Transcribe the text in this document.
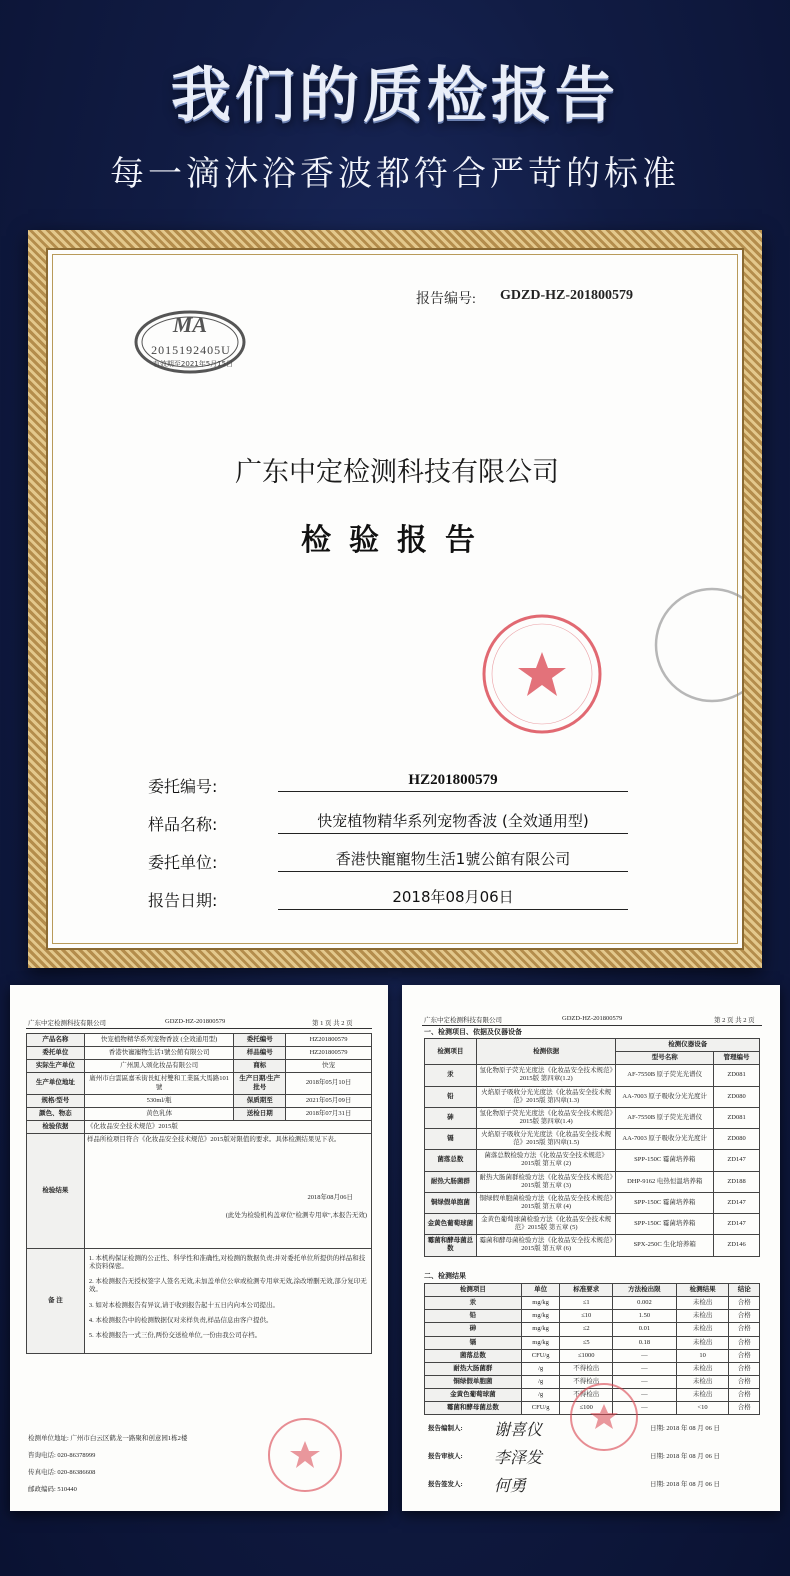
我们的质检报告
每一滴沐浴香波都符合严苛的标准
报告编号: GDZD-HZ-201800579
MA
2015192405U
有效期至2021年5月15日
广东中定检测科技有限公司
检验报告
委托编号:	HZ201800579
样品名称:	快宠植物精华系列宠物香波 (全效通用型)
委托单位:	香港快寵寵物生活1號公館有限公司
报告日期:	2018年08月06日
广东中定检测科技有限公司	GDZD-HZ-201800579	第 1 页 共 2 页
产品名称	快宠植物精华系列宠物香波 (全效通用型)	委托编号	HZ201800579
委托单位	香港快寵寵物生活1號公館有限公司	样品编号	HZ201800579
实际生产单位	广州黑人颂化妆品有限公司	商标	快宠
生产单位地址	廣州市白雲區嘉禾街長虹村雙和工業區大馬路101號	生产日期/生产批号	2018年05月10日
规格/型号	530ml/瓶	保质期至	2021年05月09日
颜色、物态	黄色乳体	送检日期	2018年07月31日
检验依据	《化妆品安全技术规范》2015版		
检验结果	样品所检项目符合《化妆品安全技术规范》2015版对限值的要求。具体检测结果见下表。
2018年08月06日
(此处为检验机构盖章位"检测专用章",本报告无效)		

备 注	1. 本机构保证检测的公正性、科学性和准确性,对检测的数据负责;并对委托单位所提供的样品和技术资料保密。

2. 本检测报告无授权签字人签名无效,未加盖单位公章或检测专用章无效,涂改增删无效,部分复印无效。

3. 如对本检测报告有异议,请于收到报告起十五日内向本公司提出。

4. 本检测报告中的检测数据仅对来样负责,样品信息由客户提供。

5. 本检测报告一式三份,两份交送检单位,一份由我公司存档。		

检测单位地址: 广州市白云区鹤龙一路聚和创意园1栋2楼
咨询电话: 020-86378999
传真电话: 020-86386608
邮政编码: 510440
广东中定检测科技有限公司	GDZD-HZ-201800579	第 2 页 共 2 页
一、检测项目、依据及仪器设备
检测项目	检测依据	检测仪器设备	
		型号名称	管理编号
汞	氢化物原子荧光光度法《化妆品安全技术规范》2015版 第四章(1.2)	AF-7550B 原子荧光光谱仪	ZD081
铅	火焰原子吸收分光光度法《化妆品安全技术规范》2015版 第四章(1.3)	AA-7003 原子吸收分光光度计	ZD080
砷	氢化物原子荧光光度法《化妆品安全技术规范》2015版 第四章(1.4)	AF-7550B 原子荧光光谱仪	ZD081
镉	火焰原子吸收分光光度法《化妆品安全技术规范》2015版 第四章(1.5)	AA-7003 原子吸收分光光度计	ZD080
菌落总数	菌落总数检验方法《化妆品安全技术规范》2015版 第五章 (2)	SPP-150C 霉菌培养箱	ZD147
耐热大肠菌群	耐热大肠菌群检验方法《化妆品安全技术规范》2015版 第五章 (3)	DHP-9162 电热恒温培养箱	ZD188
铜绿假单胞菌	铜绿假单胞菌检验方法《化妆品安全技术规范》2015版 第五章 (4)	SPP-150C 霉菌培养箱	ZD147
金黄色葡萄球菌	金黄色葡萄球菌检验方法《化妆品安全技术规范》2015版 第五章 (5)	SPP-150C 霉菌培养箱	ZD147
霉菌和酵母菌总数	霉菌和酵母菌检验方法《化妆品安全技术规范》2015版 第五章 (6)	SPX-250C 生化培养箱	ZD146
二、检测结果
检测项目	单位	标准要求	方法检出限	检测结果	结论
汞	mg/kg	≤1	0.002	未检出	合格
铅	mg/kg	≤10	1.50	未检出	合格
砷	mg/kg	≤2	0.01	未检出	合格
镉	mg/kg	≤5	0.18	未检出	合格
菌落总数	CFU/g	≤1000	—	10	合格
耐热大肠菌群	/g	不得检出	—	未检出	合格
铜绿假单胞菌	/g	不得检出	—	未检出	合格
金黄色葡萄球菌	/g	不得检出	—	未检出	合格
霉菌和酵母菌总数	CFU/g	≤100	—	<10	合格
报告编制人: 谢喜仪	日期: 2018 年 08 月 06 日
报告审核人: 李泽发	日期: 2018 年 08 月 06 日
报告签发人: 何勇	日期: 2018 年 08 月 06 日
